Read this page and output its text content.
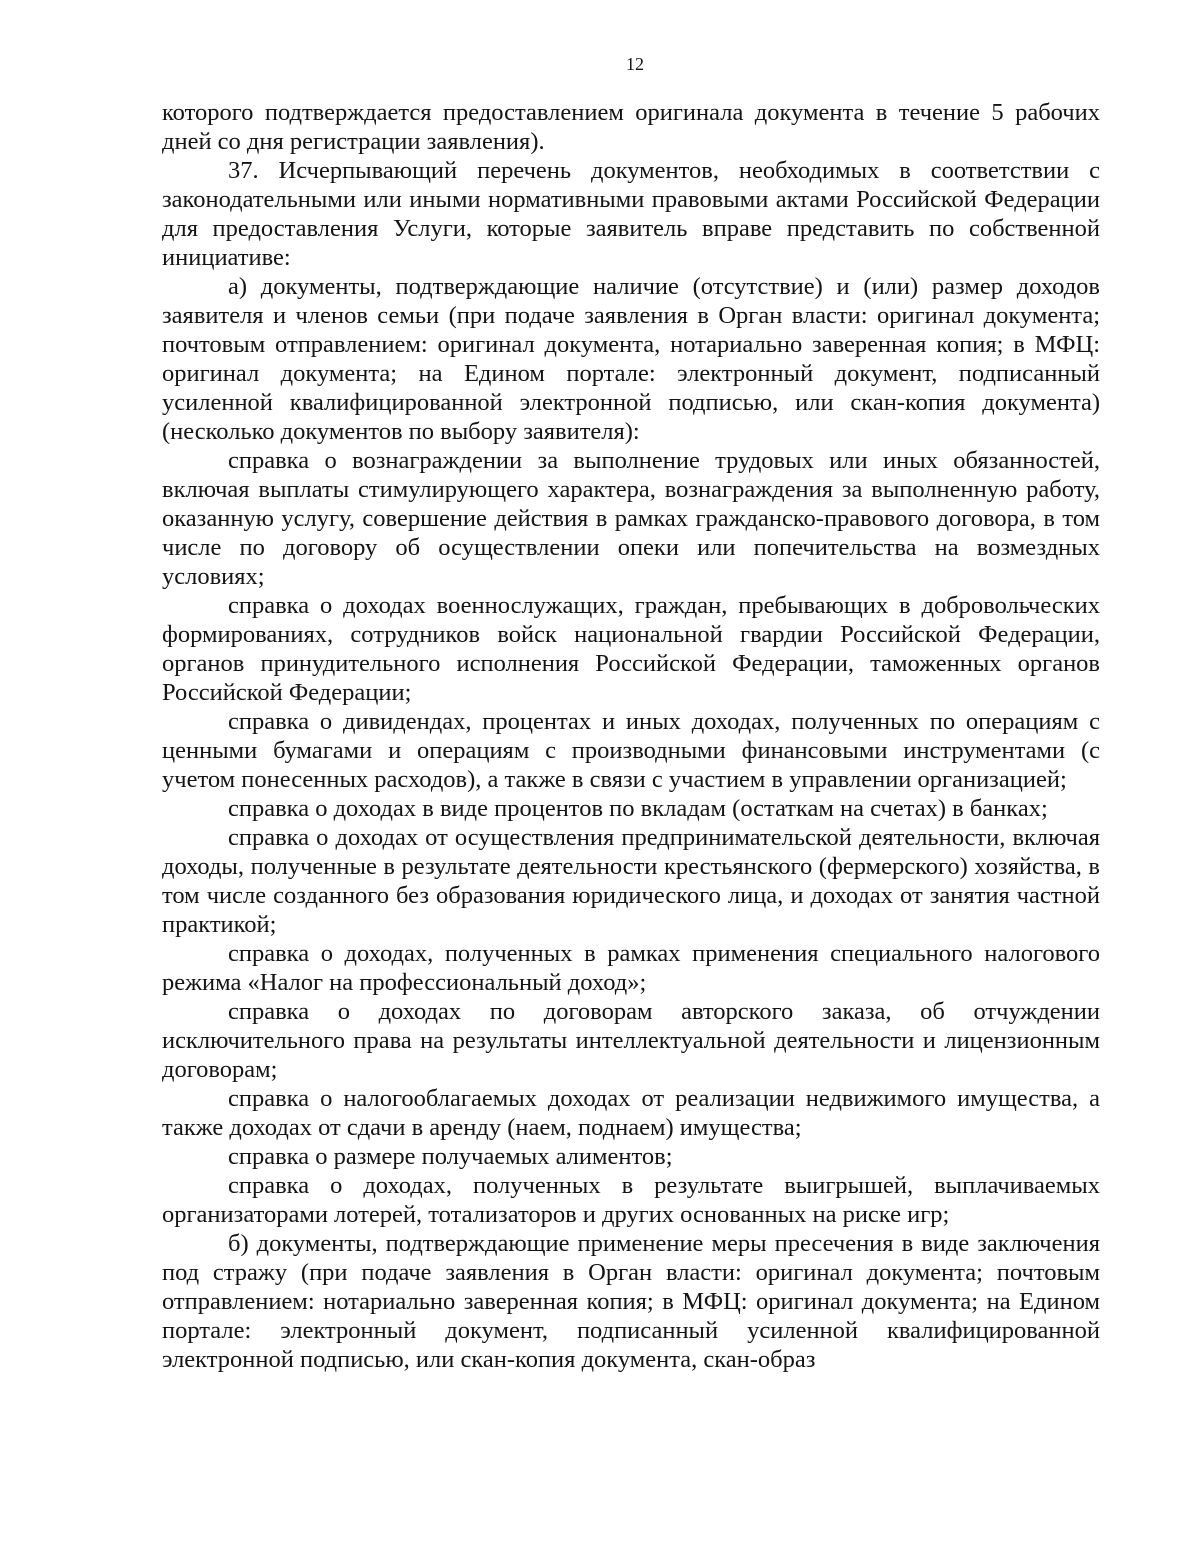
12

которого подтверждается предоставлением оригинала документа в течение 5 рабочих дней со дня регистрации заявления).

37. Исчерпывающий перечень документов, необходимых в соответствии с законодательными или иными нормативными правовыми актами Российской Федерации для предоставления Услуги, которые заявитель вправе представить по собственной инициативе:

а) документы, подтверждающие наличие (отсутствие) и (или) размер доходов заявителя и членов семьи (при подаче заявления в Орган власти: оригинал документа; почтовым отправлением: оригинал документа, нотариально заверенная копия; в МФЦ: оригинал документа; на Едином портале: электронный документ, подписанный усиленной квалифицированной электронной подписью, или скан-копия документа) (несколько документов по выбору заявителя):

справка о вознаграждении за выполнение трудовых или иных обязанностей, включая выплаты стимулирующего характера, вознаграждения за выполненную работу, оказанную услугу, совершение действия в рамках гражданско-правового договора, в том числе по договору об осуществлении опеки или попечительства на возмездных условиях;

справка о доходах военнослужащих, граждан, пребывающих в добровольческих формированиях, сотрудников войск национальной гвардии Российской Федерации, органов принудительного исполнения Российской Федерации, таможенных органов Российской Федерации;

справка о дивидендах, процентах и иных доходах, полученных по операциям с ценными бумагами и операциям с производными финансовыми инструментами (с учетом понесенных расходов), а также в связи с участием в управлении организацией;

справка о доходах в виде процентов по вкладам (остаткам на счетах) в банках;

справка о доходах от осуществления предпринимательской деятельности, включая доходы, полученные в результате деятельности крестьянского (фермерского) хозяйства, в том числе созданного без образования юридического лица, и доходах от занятия частной практикой;

справка о доходах, полученных в рамках применения специального налогового режима «Налог на профессиональный доход»;

справка о доходах по договорам авторского заказа, об отчуждении исключительного права на результаты интеллектуальной деятельности и лицензионным договорам;

справка о налогооблагаемых доходах от реализации недвижимого имущества, а также доходах от сдачи в аренду (наем, поднаем) имущества;

справка о размере получаемых алиментов;

справка о доходах, полученных в результате выигрышей, выплачиваемых организаторами лотерей, тотализаторов и других основанных на риске игр;

б) документы, подтверждающие применение меры пресечения в виде заключения под стражу (при подаче заявления в Орган власти: оригинал документа; почтовым отправлением: нотариально заверенная копия; в МФЦ: оригинал документа; на Едином портале: электронный документ, подписанный усиленной квалифицированной электронной подписью, или скан-копия документа, скан-образ
